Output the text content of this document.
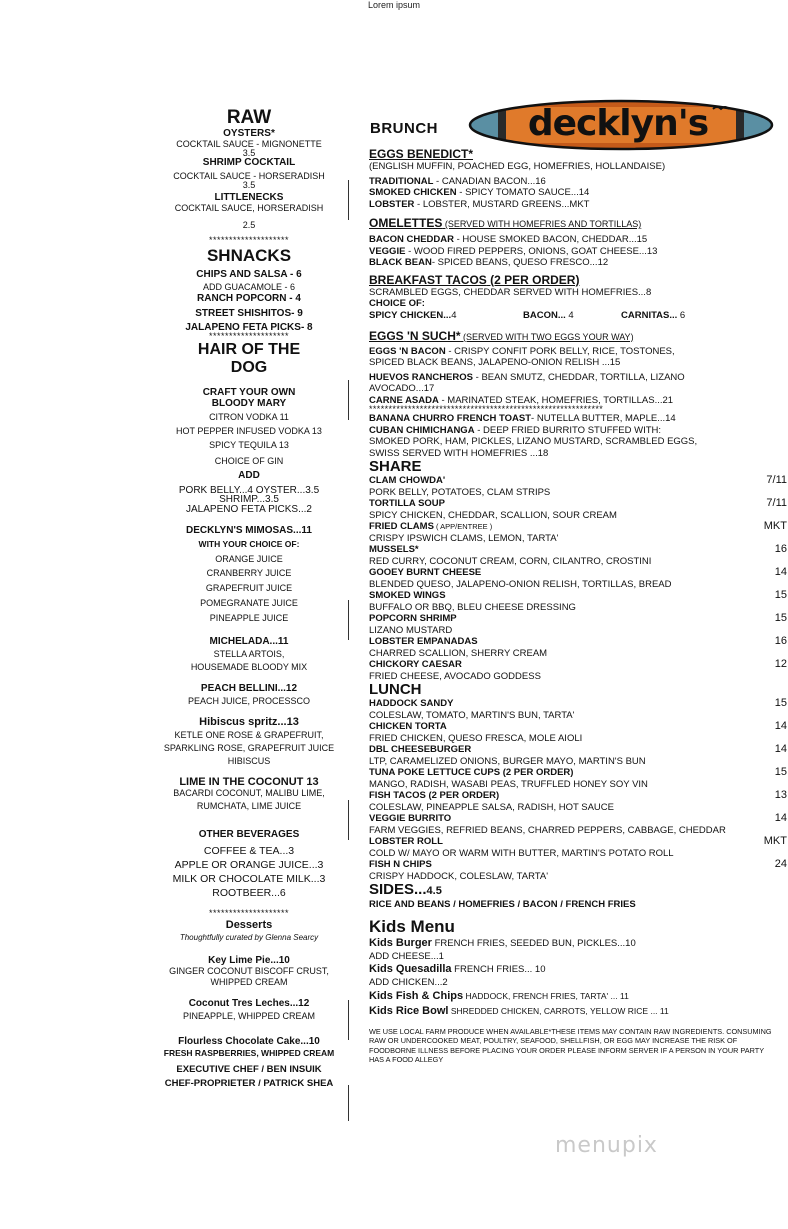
Lorem ipsum
RAW
OYSTERS*
COCKTAIL SAUCE - MIGNONETTE
3.5
SHRIMP COCKTAIL
COCKTAIL SAUCE - HORSERADISH
3.5
LITTLENECKS
COCKTAIL SAUCE, HORSERADISH
2.5
********************
SHNACKS
CHIPS AND SALSA - 6
ADD GUACAMOLE - 6
RANCH POPCORN - 4
STREET SHISHITOS- 9
JALAPENO FETA PICKS- 8
********************
HAIR OF THE
DOG
CRAFT YOUR OWN
BLOODY MARY
CITRON VODKA 11
HOT PEPPER INFUSED VODKA 13
SPICY TEQUILA 13
CHOICE OF GIN
ADD
PORK BELLY...4 OYSTER...3.5
SHRIMP...3.5
JALAPENO FETA PICKS...2
DECKLYN'S MIMOSAS...11
WITH YOUR CHOICE OF:
ORANGE JUICE
CRANBERRY JUICE
GRAPEFRUIT JUICE
POMEGRANATE JUICE
PINEAPPLE JUICE
MICHELADA...11
STELLA ARTOIS,
HOUSEMADE BLOODY MIX
PEACH BELLINI...12
PEACH JUICE, PROCESSCO
Hibiscus spritz...13
KETLE ONE ROSE & GRAPEFRUIT,
SPARKLING ROSE, GRAPEFRUIT JUICE
HIBISCUS
LIME IN THE COCONUT 13
BACARDI COCONUT, MALIBU LIME,
RUMCHATA, LIME JUICE
OTHER BEVERAGES
COFFEE & TEA...3
APPLE OR ORANGE JUICE...3
MILK OR CHOCOLATE MILK...3
ROOTBEER...6
********************
Desserts
Thoughtfully curated by Glenna Searcy
Key Lime Pie...10
GINGER COCONUT BISCOFF CRUST,
WHIPPED CREAM
Coconut Tres Leches...12
PINEAPPLE, WHIPPED CREAM
Flourless Chocolate Cake...10
FRESH RASPBERRIES, WHIPPED CREAM
EXECUTIVE CHEF / BEN INSUIK
CHEF-PROPRIETER / PATRICK SHEA
decklyn's
BRUNCH
EGGS BENEDICT*
(ENGLISH MUFFIN, POACHED EGG, HOMEFRIES, HOLLANDAISE)
TRADITIONAL - CANADIAN BACON...16
SMOKED CHICKEN - SPICY TOMATO SAUCE...14
LOBSTER - LOBSTER, MUSTARD GREENS...MKT
OMELETTES (SERVED WITH HOMEFRIES AND TORTILLAS)
BACON CHEDDAR - HOUSE SMOKED BACON, CHEDDAR...15
VEGGIE - WOOD FIRED PEPPERS, ONIONS, GOAT CHEESE...13
BLACK BEAN- SPICED BEANS, QUESO FRESCO...12
BREAKFAST TACOS (2 PER ORDER)
SCRAMBLED EGGS, CHEDDAR SERVED WITH HOMEFRIES...8
CHOICE OF:
SPICY CHICKEN...4	BACON... 4	CARNITAS... 6
EGGS 'N SUCH* (SERVED WITH TWO EGGS YOUR WAY)
EGGS 'N BACON - CRISPY CONFIT PORK BELLY, RICE, TOSTONES,
SPICED BLACK BEANS, JALAPENO-ONION RELISH ...15
HUEVOS RANCHEROS - BEAN SMUTZ, CHEDDAR, TORTILLA, LIZANO
AVOCADO...17
CARNE ASADA - MARINATED STEAK, HOMEFRIES, TORTILLAS...21
************************************************************
BANANA CHURRO FRENCH TOAST- NUTELLA BUTTER, MAPLE...14
CUBAN CHIMICHANGA - DEEP FRIED BURRITO STUFFED WITH:
SMOKED PORK, HAM, PICKLES, LIZANO MUSTARD, SCRAMBLED EGGS,
SWISS SERVED WITH HOMEFRIES ...18
SHARE
CLAM CHOWDA'	7/11
PORK BELLY, POTATOES, CLAM STRIPS
TORTILLA SOUP	7/11
SPICY CHICKEN, CHEDDAR, SCALLION, SOUR CREAM
FRIED CLAMS ( APP/ENTREE )	MKT
CRISPY IPSWICH CLAMS, LEMON, TARTA'
MUSSELS*	16
RED CURRY, COCONUT CREAM, CORN, CILANTRO, CROSTINI
GOOEY BURNT CHEESE	14
BLENDED QUESO, JALAPENO-ONION RELISH, TORTILLAS, BREAD
SMOKED WINGS	15
BUFFALO OR BBQ, BLEU CHEESE DRESSING
POPCORN SHRIMP	15
LIZANO MUSTARD
LOBSTER EMPANADAS	16
CHARRED SCALLION, SHERRY CREAM
CHICKORY CAESAR	12
FRIED CHEESE, AVOCADO GODDESS
LUNCH
HADDOCK SANDY	15
COLESLAW, TOMATO, MARTIN'S BUN, TARTA'
CHICKEN TORTA	14
FRIED CHICKEN, QUESO FRESCA, MOLE AIOLI
DBL CHEESEBURGER	14
LTP, CARAMELIZED ONIONS, BURGER MAYO, MARTIN'S BUN
TUNA POKE LETTUCE CUPS (2 PER ORDER)	15
MANGO, RADISH, WASABI PEAS, TRUFFLED HONEY SOY VIN
FISH TACOS (2 PER ORDER)	13
COLESLAW, PINEAPPLE SALSA, RADISH, HOT SAUCE
VEGGIE BURRITO	14
FARM VEGGIES, REFRIED BEANS, CHARRED PEPPERS, CABBAGE, CHEDDAR
LOBSTER ROLL	MKT
COLD W/ MAYO OR WARM WITH BUTTER, MARTIN'S POTATO ROLL
FISH N CHIPS	24
CRISPY HADDOCK, COLESLAW, TARTA'
SIDES...4.5
RICE AND BEANS / HOMEFRIES / BACON / FRENCH FRIES
Kids Menu
Kids Burger FRENCH FRIES, SEEDED BUN, PICKLES...10
ADD CHEESE...1
Kids Quesadilla FRENCH FRIES... 10
ADD CHICKEN...2
Kids Fish & Chips HADDOCK, FRENCH FRIES, TARTA' ... 11
Kids Rice Bowl SHREDDED CHICKEN, CARROTS, YELLOW RICE ... 11
WE USE LOCAL FARM PRODUCE WHEN AVAILABLE*THESE ITEMS MAY CONTAIN RAW INGREDIENTS. CONSUMING RAW OR UNDERCOOKED MEAT, POULTRY, SEAFOOD, SHELLFISH, OR EGG MAY INCREASE THE RISK OF FOODBORNE ILLNESS BEFORE PLACING YOUR ORDER PLEASE INFORM SERVER IF A PERSON IN YOUR PARTY HAS A FOOD ALLEGY
menupix
